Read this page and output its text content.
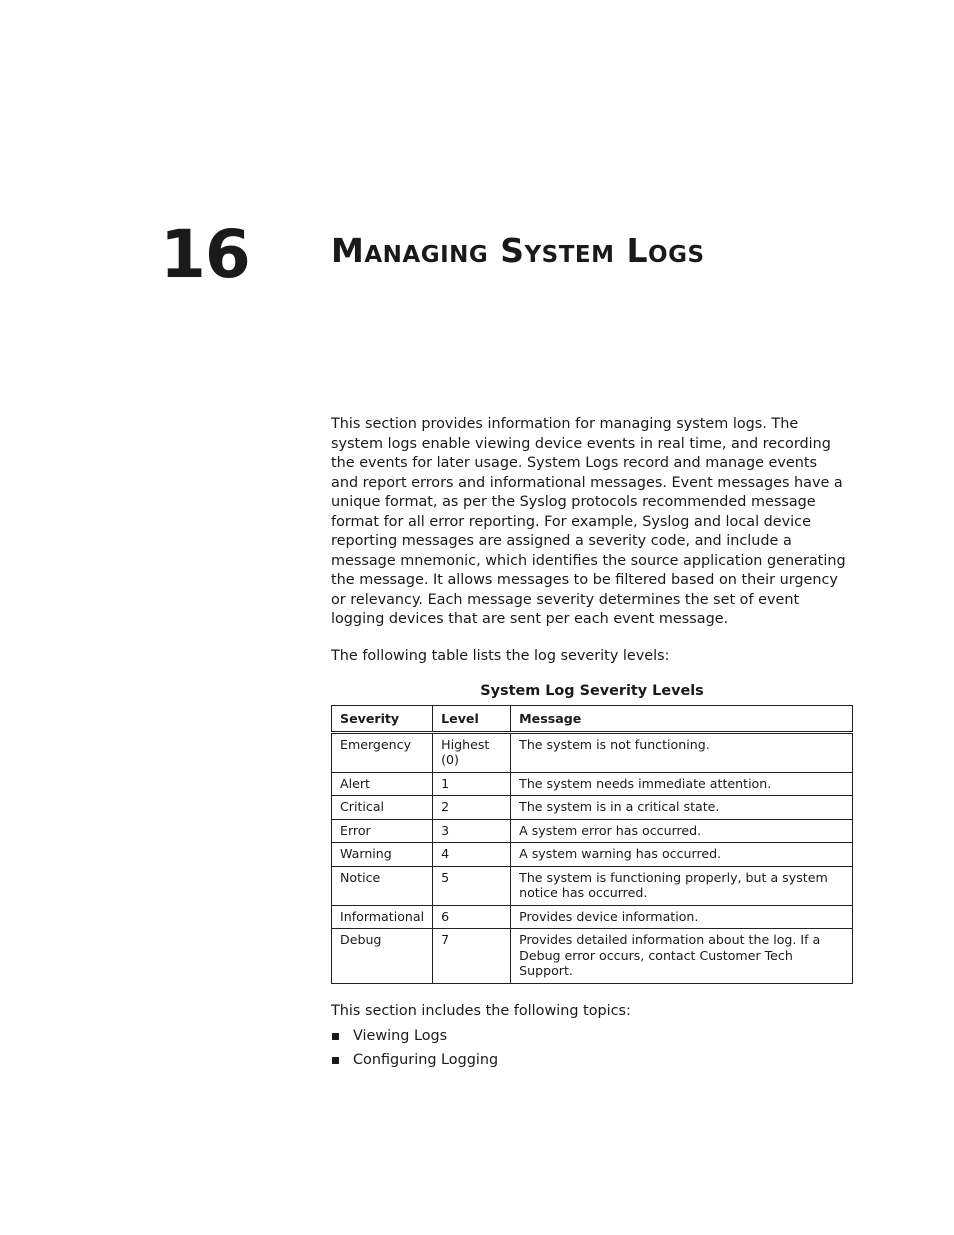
16 Managing System Logs

This section provides information for managing system logs. The system logs enable viewing device events in real time, and recording the events for later usage. System Logs record and manage events and report errors and informational messages. Event messages have a unique format, as per the Syslog protocols recommended message format for all error reporting. For example, Syslog and local device reporting messages are assigned a severity code, and include a message mnemonic, which identifies the source application generating the message. It allows messages to be filtered based on their urgency or relevancy. Each message severity determines the set of event logging devices that are sent per each event message.

The following table lists the log severity levels:

System Log Severity Levels
Severity	Level	Message
Emergency	Highest (0)	The system is not functioning.
Alert	1	The system needs immediate attention.
Critical	2	The system is in a critical state.
Error	3	A system error has occurred.
Warning	4	A system warning has occurred.
Notice	5	The system is functioning properly, but a system notice has occurred.
Informational	6	Provides device information.
Debug	7	Provides detailed information about the log. If a Debug error occurs, contact Customer Tech Support.

This section includes the following topics:

Viewing Logs
Configuring Logging
